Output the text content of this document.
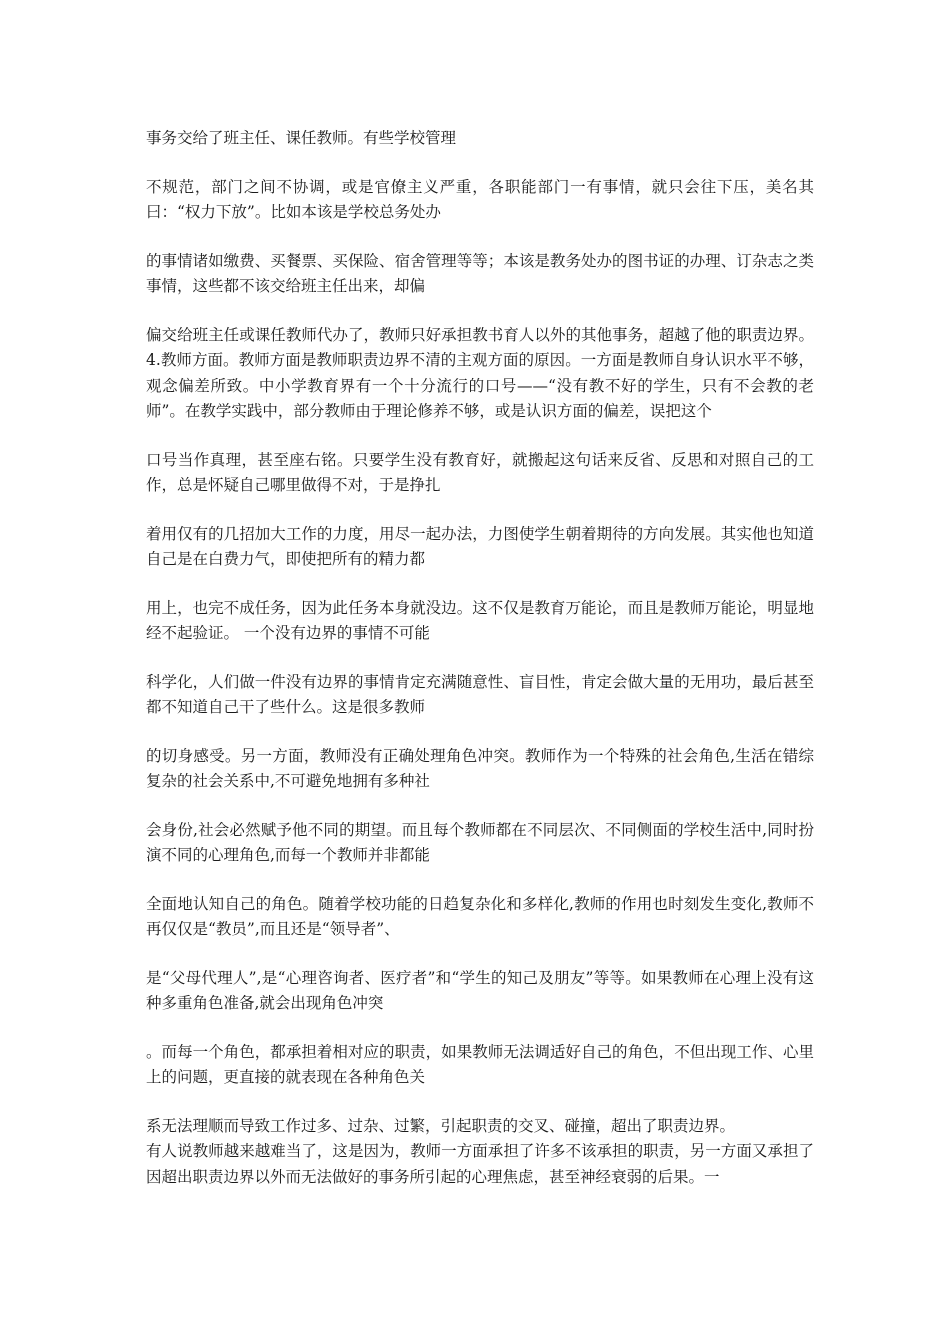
事务交给了班主任、课任教师。有些学校管理

不规范，部门之间不协调，或是官僚主义严重，各职能部门一有事情，就只会往下压，美名其曰：“权力下放”。比如本该是学校总务处办

的事情诸如缴费、买餐票、买保险、宿舍管理等等；本该是教务处办的图书证的办理、订杂志之类事情，这些都不该交给班主任出来，却偏

偏交给班主任或课任教师代办了，教师只好承担教书育人以外的其他事务，超越了他的职责边界。4.教师方面。教师方面是教师职责边界不清的主观方面的原因。一方面是教师自身认识水平不够，观念偏差所致。中小学教育界有一个十分流行的口号——“没有教不好的学生，只有不会教的老师”。在教学实践中，部分教师由于理论修养不够，或是认识方面的偏差，误把这个

口号当作真理，甚至座右铭。只要学生没有教育好，就搬起这句话来反省、反思和对照自己的工作，总是怀疑自己哪里做得不对，于是挣扎

着用仅有的几招加大工作的力度，用尽一起办法，力图使学生朝着期待的方向发展。其实他也知道自己是在白费力气，即使把所有的精力都

用上，也完不成任务，因为此任务本身就没边。这不仅是教育万能论，而且是教师万能论，明显地经不起验证。 一个没有边界的事情不可能

科学化，人们做一件没有边界的事情肯定充满随意性、盲目性，肯定会做大量的无用功，最后甚至都不知道自己干了些什么。这是很多教师

的切身感受。另一方面，教师没有正确处理角色冲突。教师作为一个特殊的社会角色,生活在错综复杂的社会关系中,不可避免地拥有多种社

会身份,社会必然赋予他不同的期望。而且每个教师都在不同层次、不同侧面的学校生活中,同时扮演不同的心理角色,而每一个教师并非都能

全面地认知自己的角色。随着学校功能的日趋复杂化和多样化,教师的作用也时刻发生变化,教师不再仅仅是“教员”,而且还是“领导者”、

是“父母代理人”,是“心理咨询者、医疗者”和“学生的知己及朋友”等等。如果教师在心理上没有这种多重角色准备,就会出现角色冲突

。而每一个角色，都承担着相对应的职责，如果教师无法调适好自己的角色，不但出现工作、心里上的问题，更直接的就表现在各种角色关

系无法理顺而导致工作过多、过杂、过繁，引起职责的交叉、碰撞，超出了职责边界。

有人说教师越来越难当了，这是因为，教师一方面承担了许多不该承担的职责，另一方面又承担了因超出职责边界以外而无法做好的事务所引起的心理焦虑，甚至神经衰弱的后果。一
